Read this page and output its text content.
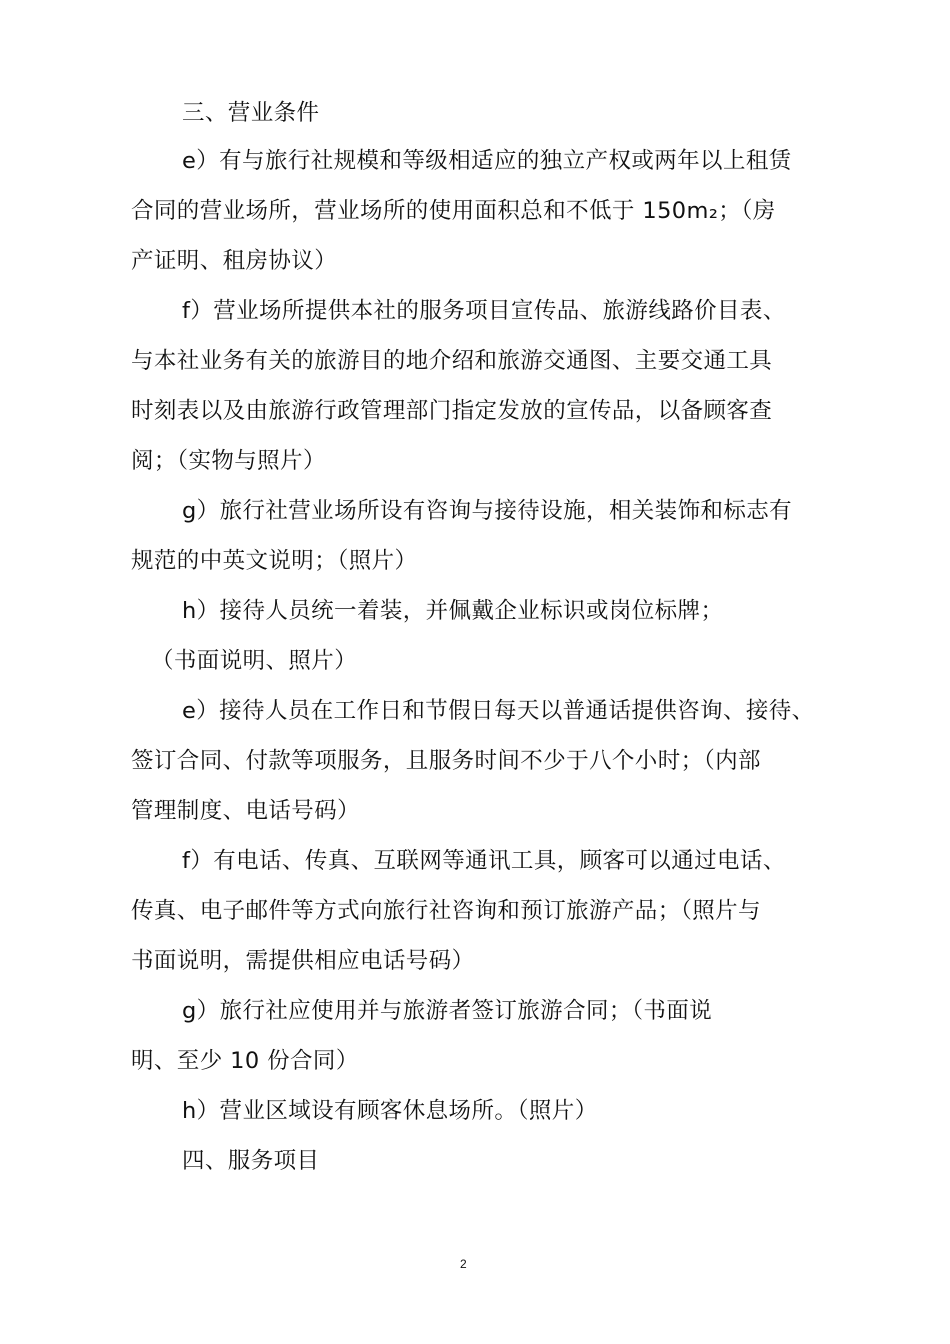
三、营业条件
e）有与旅行社规模和等级相适应的独立产权或两年以上租赁
合同的营业场所，营业场所的使用面积总和不低于 150m₂；（房
产证明、租房协议）
f）营业场所提供本社的服务项目宣传品、旅游线路价目表、
与本社业务有关的旅游目的地介绍和旅游交通图、主要交通工具
时刻表以及由旅游行政管理部门指定发放的宣传品，以备顾客查
阅；（实物与照片）
g）旅行社营业场所设有咨询与接待设施，相关装饰和标志有
规范的中英文说明；（照片）
h）接待人员统一着装，并佩戴企业标识或岗位标牌；
（书面说明、照片）
e）接待人员在工作日和节假日每天以普通话提供咨询、接待、
签订合同、付款等项服务，且服务时间不少于八个小时；（内部
管理制度、电话号码）
f）有电话、传真、互联网等通讯工具，顾客可以通过电话、
传真、电子邮件等方式向旅行社咨询和预订旅游产品；（照片与
书面说明，需提供相应电话号码）
g）旅行社应使用并与旅游者签订旅游合同；（书面说
明、至少 10 份合同）
h）营业区域设有顾客休息场所。（照片）
四、服务项目
2
